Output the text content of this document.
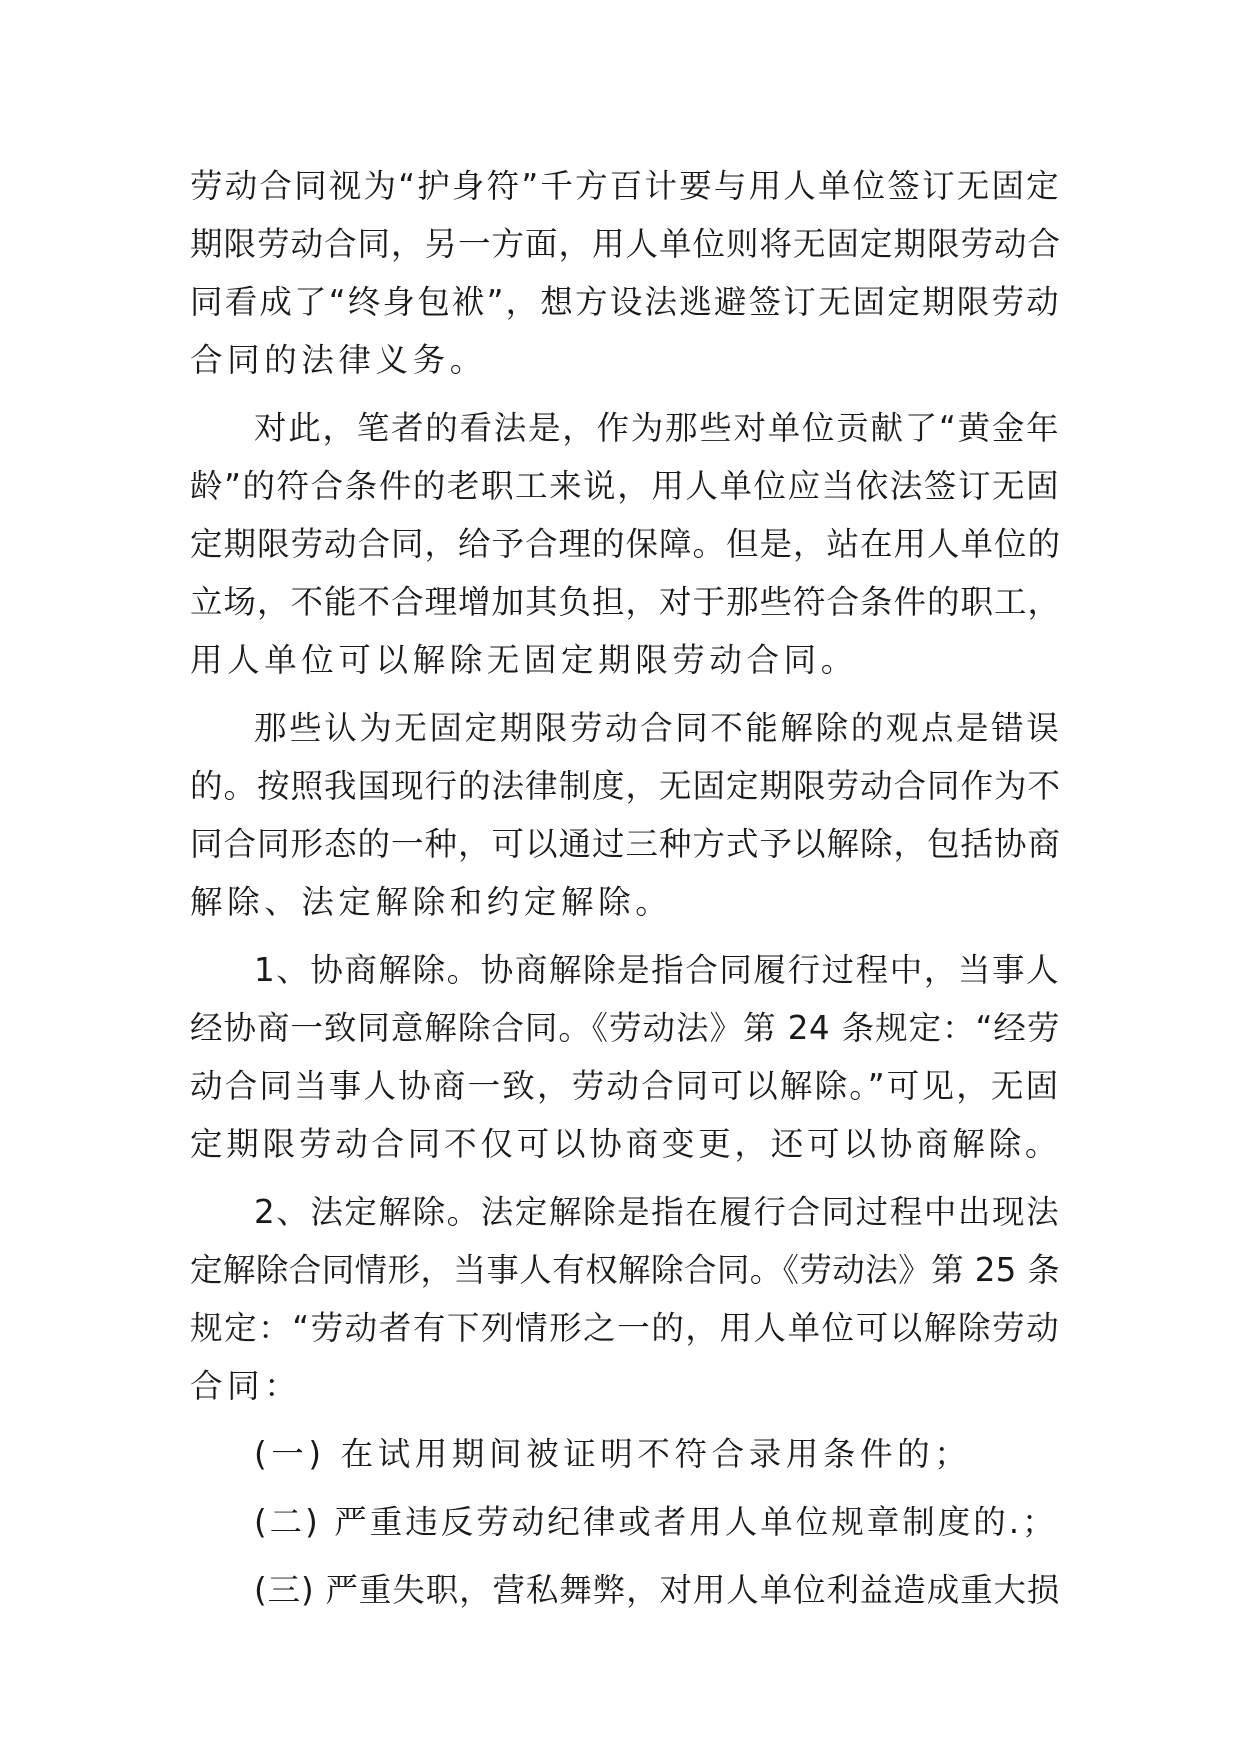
劳动合同视为“护身符”千方百计要与用人单位签订无固定
期限劳动合同，另一方面，用人单位则将无固定期限劳动合
同看成了“终身包袱”，想方设法逃避签订无固定期限劳动
合同的法律义务。
对此，笔者的看法是，作为那些对单位贡献了“黄金年
龄”的符合条件的老职工来说，用人单位应当依法签订无固
定期限劳动合同，给予合理的保障。但是，站在用人单位的
立场，不能不合理增加其负担，对于那些符合条件的职工，
用人单位可以解除无固定期限劳动合同。
那些认为无固定期限劳动合同不能解除的观点是错误
的。按照我国现行的法律制度，无固定期限劳动合同作为不
同合同形态的一种，可以通过三种方式予以解除，包括协商
解除、法定解除和约定解除。
1、协商解除。协商解除是指合同履行过程中，当事人
经协商一致同意解除合同。《劳动法》第 24 条规定：“经劳
动合同当事人协商一致，劳动合同可以解除。”可见，无固
定期限劳动合同不仅可以协商变更，还可以协商解除。
2、法定解除。法定解除是指在履行合同过程中出现法
定解除合同情形，当事人有权解除合同。《劳动法》第 25 条
规定：“劳动者有下列情形之一的，用人单位可以解除劳动
合同：
(一) 在试用期间被证明不符合录用条件的；
(二) 严重违反劳动纪律或者用人单位规章制度的.；
(三) 严重失职，营私舞弊，对用人单位利益造成重大损
